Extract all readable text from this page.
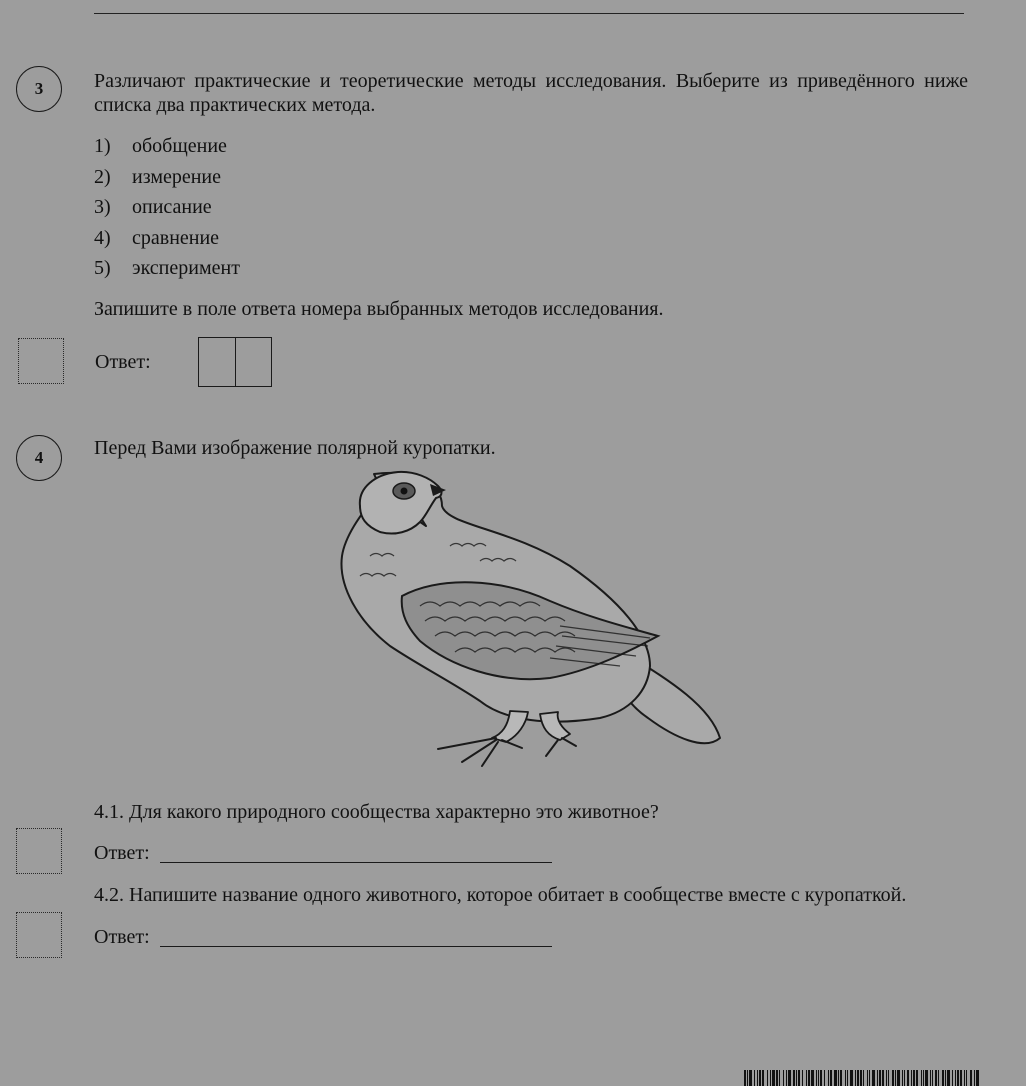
3	Различают практические и теоретические методы исследования. Выберите из приведённого ниже списка два практических метода.
1) обобщение
2) измерение
3) описание
4) сравнение
5) эксперимент
Запишите в поле ответа номера выбранных методов исследования.
Ответ:
4	Перед Вами изображение полярной куропатки.
4.1. Для какого природного сообщества характерно это животное?
Ответ:
4.2. Напишите название одного животного, которое обитает в сообществе вместе с куропаткой.
Ответ:
